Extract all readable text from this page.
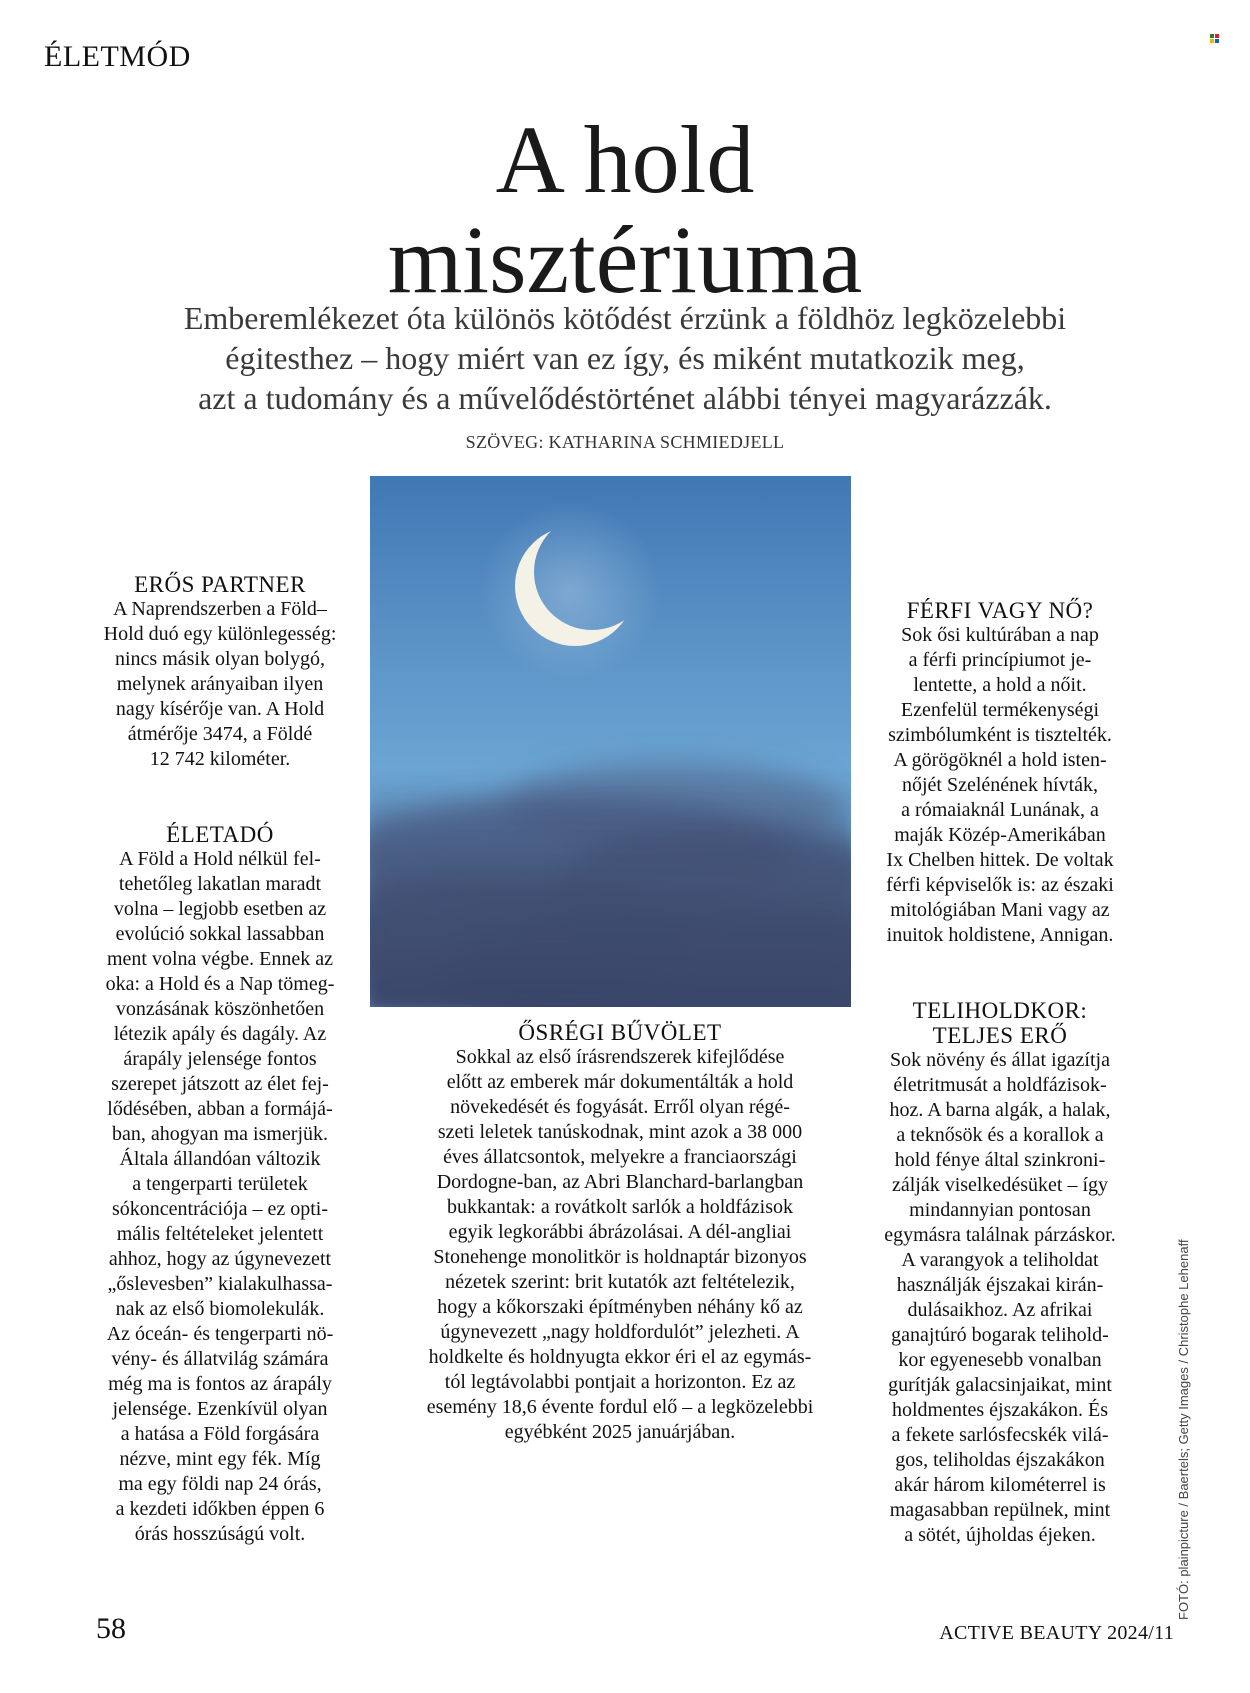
ÉLETMÓD
A hold
misztériuma

Emberemlékezet óta különös kötődést érzünk a földhöz legközelebbi
égitesthez – hogy miért van ez így, és miként mutatkozik meg,
azt a tudomány és a művelődéstörténet alábbi tényei magyarázzák.

SZÖVEG: KATHARINA SCHMIEDJELL
ERŐS PARTNER

A Naprendszerben a Föld–
Hold duó egy különlegesség:
nincs másik olyan bolygó,
melynek arányaiban ilyen
nagy kísérője van. A Hold
átmérője 3474, a Földé
12 742 kilométer.

ÉLETADÓ

A Föld a Hold nélkül fel-
tehetőleg lakatlan maradt
volna – legjobb esetben az
evolúció sokkal lassabban
ment volna végbe. Ennek az
oka: a Hold és a Nap tömeg-
vonzásának köszönhetően
létezik apály és dagály. Az
árapály jelensége fontos
szerepet játszott az élet fej-
lődésében, abban a formájá-
ban, ahogyan ma ismerjük.
Általa állandóan változik
a tengerparti területek
sókoncentrációja – ez opti-
mális feltételeket jelentett
ahhoz, hogy az úgynevezett
„őslevesben” kialakulhassa-
nak az első biomolekulák.
Az óceán- és tengerparti nö-
vény- és állatvilág számára
még ma is fontos az árapály
jelensége. Ezenkívül olyan
a hatása a Föld forgására
nézve, mint egy fék. Míg
ma egy földi nap 24 órás,
a kezdeti időkben éppen 6
órás hosszúságú volt.

ŐSRÉGI BŰVÖLET

Sokkal az első írásrendszerek kifejlődése
előtt az emberek már dokumentálták a hold
növekedését és fogyását. Erről olyan régé-
szeti leletek tanúskodnak, mint azok a 38 000
éves állatcsontok, melyekre a franciaországi
Dordogne-ban, az Abri Blanchard-barlangban
bukkantak: a rovátkolt sarlók a holdfázisok
egyik legkorábbi ábrázolásai. A dél-angliai
Stonehenge monolitkör is holdnaptár bizonyos
nézetek szerint: brit kutatók azt feltételezik,
hogy a kőkorszaki építményben néhány kő az
úgynevezett „nagy holdfordulót” jelezheti. A
holdkelte és holdnyugta ekkor éri el az egymás-
tól legtávolabbi pontjait a horizonton. Ez az
esemény 18,6 évente fordul elő – a legközelebbi
egyébként 2025 januárjában.

FÉRFI VAGY NŐ?

Sok ősi kultúrában a nap
a férfi princípiumot je-
lentette, a hold a nőit.
Ezenfelül termékenységi
szimbólumként is tisztelték.
A görögöknél a hold isten-
nőjét Szelénének hívták,
a rómaiaknál Lunának, a
maják Közép-Amerikában
Ix Chelben hittek. De voltak
férfi képviselők is: az északi
mitológiában Mani vagy az
inuitok holdistene, Annigan.

TELIHOLDKOR:
TELJES ERŐ

Sok növény és állat igazítja
életritmusát a holdfázisok-
hoz. A barna algák, a halak,
a teknősök és a korallok a
hold fénye által szinkroni-
zálják viselkedésüket – így
mindannyian pontosan
egymásra találnak párzáskor.
A varangyok a teliholdat
használják éjszakai kirán-
dulásaikhoz. Az afrikai
ganajtúró bogarak telihold-
kor egyenesebb vonalban
gurítják galacsinjaikat, mint
holdmentes éjszakákon. És
a fekete sarlósfecskék vilá-
gos, teliholdas éjszakákon
akár három kilométerrel is
magasabban repülnek, mint
a sötét, újholdas éjeken.	FOTÓ: plainpicture / Baertels; Getty Images / Christophe Lehenaff
58	ACTIVE BEAUTY 2024/11
